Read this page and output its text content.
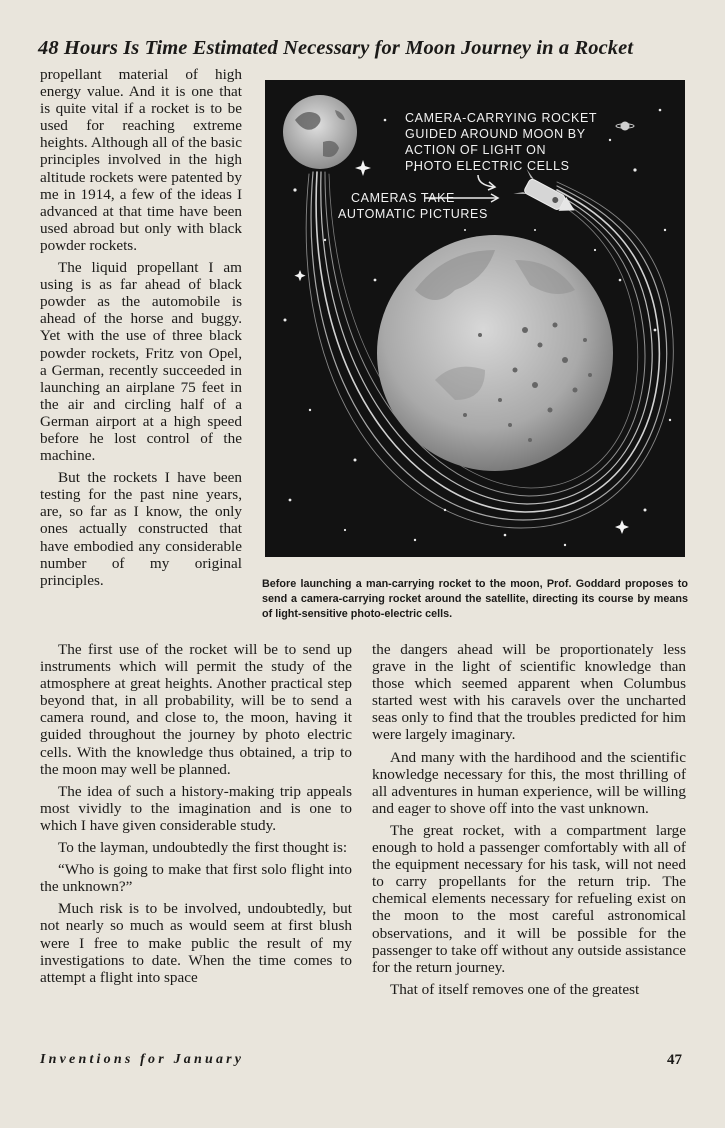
48 Hours Is Time Estimated Necessary for Moon Journey in a Rocket

propellant material of high energy value. And it is one that is quite vital if a rocket is to be used for reaching extreme heights. Although all of the basic principles involved in the high altitude rockets were patented by me in 1914, a few of the ideas I advanced at that time have been used abroad but only with black powder rockets.

The liquid propellant I am using is as far ahead of black powder as the automobile is ahead of the horse and buggy. Yet with the use of three black powder rockets, Fritz von Opel, a German, recently succeeded in launching an airplane 75 feet in the air and circling half of a German airport at a high speed before he lost control of the machine.

But the rockets I have been testing for the past nine years, are, so far as I know, the only ones actually constructed that have embodied any considerable number of my original principles.

CAMERA-CARRYING ROCKET GUIDED AROUND MOON BY ACTION OF LIGHT ON PHOTO ELECTRIC CELLS
CAMERAS TAKE AUTOMATIC PICTURES
Before launching a man-carrying rocket to the moon, Prof. Goddard proposes to send a camera-carrying rocket around the satellite, directing its course by means of light-sensitive photo-electric cells.

The first use of the rocket will be to send up instruments which will permit the study of the atmosphere at great heights. Another practical step beyond that, in all probability, will be to send a camera round, and close to, the moon, having it guided throughout the journey by photo electric cells. With the knowledge thus obtained, a trip to the moon may well be planned.

The idea of such a history-making trip appeals most vividly to the imagination and is one to which I have given considerable study.

To the layman, undoubtedly the first thought is:

“Who is going to make that first solo flight into the unknown?”

Much risk is to be involved, undoubtedly, but not nearly so much as would seem at first blush were I free to make public the result of my investigations to date. When the time comes to attempt a flight into space

the dangers ahead will be proportionately less grave in the light of scientific knowledge than those which seemed apparent when Columbus started west with his caravels over the uncharted seas only to find that the troubles predicted for him were largely imaginary.

And many with the hardihood and the scientific knowledge necessary for this, the most thrilling of all adventures in human experience, will be willing and eager to shove off into the vast unknown.

The great rocket, with a compartment large enough to hold a passenger comfortably with all of the equipment necessary for his task, will not need to carry propellants for the return trip. The chemical elements necessary for refueling exist on the moon to the most careful astronomical observations, and it will be possible for the passenger to take off without any outside assistance for the return journey.

That of itself removes one of the greatest

Inventions for January	47
